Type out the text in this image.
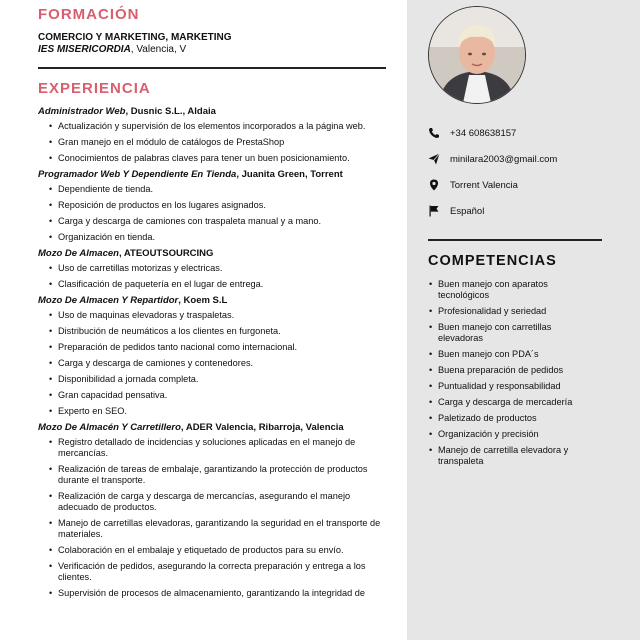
FORMACIÓN
COMERCIO Y MARKETING, MARKETING
IES MISERICORDIA, Valencia, V
EXPERIENCIA
Administrador Web, Dusnic S.L., Aldaia
• Actualización y supervisión de los elementos incorporados a la página web.
• Gran manejo en el módulo de catálogos de PrestaShop
• Conocimientos de palabras claves para tener un buen posicionamiento.
Programador Web Y Dependiente En Tienda, Juanita Green, Torrent
• Dependiente de tienda.
• Reposición de productos en los lugares asignados.
• Carga y descarga de camiones con traspaleta manual y a mano.
• Organización en tienda.
Mozo De Almacen, ATEOUTSOURCING
• Uso de carretillas motorizas y electricas.
• Clasificación de paquetería en el lugar de entrega.
Mozo De Almacen Y Repartidor, Koem S.L
• Uso de maquinas elevadoras y traspaletas.
• Distribución de neumáticos a los clientes en furgoneta.
• Preparación de pedidos tanto nacional como internacional.
• Carga y descarga de camiones y contenedores.
• Disponibilidad a jornada completa.
• Gran capacidad pensativa.
• Experto en SEO.
Mozo De Almacén Y Carretillero, ADER Valencia, Ribarroja, Valencia
• Registro detallado de incidencias y soluciones aplicadas en el manejo de mercancías.
• Realización de tareas de embalaje, garantizando la protección de productos durante el transporte.
• Realización de carga y descarga de mercancías, asegurando el manejo adecuado de productos.
• Manejo de carretillas elevadoras, garantizando la seguridad en el transporte de materiales.
• Colaboración en el embalaje y etiquetado de productos para su envío.
• Verificación de pedidos, asegurando la correcta preparación y entrega a los clientes.
• Supervisión de procesos de almacenamiento, garantizando la integridad de
+34 608638157
minilara2003@gmail.com
Torrent Valencia
Español
COMPETENCIAS
• Buen manejo con aparatos tecnológicos
• Profesionalidad y seriedad
• Buen manejo con carretillas elevadoras
• Buen manejo con PDA´s
• Buena preparación de pedidos
• Puntualidad y responsabilidad
• Carga y descarga de mercadería
• Paletizado de productos
• Organización y precisión
• Manejo de carretilla elevadora y transpaleta
